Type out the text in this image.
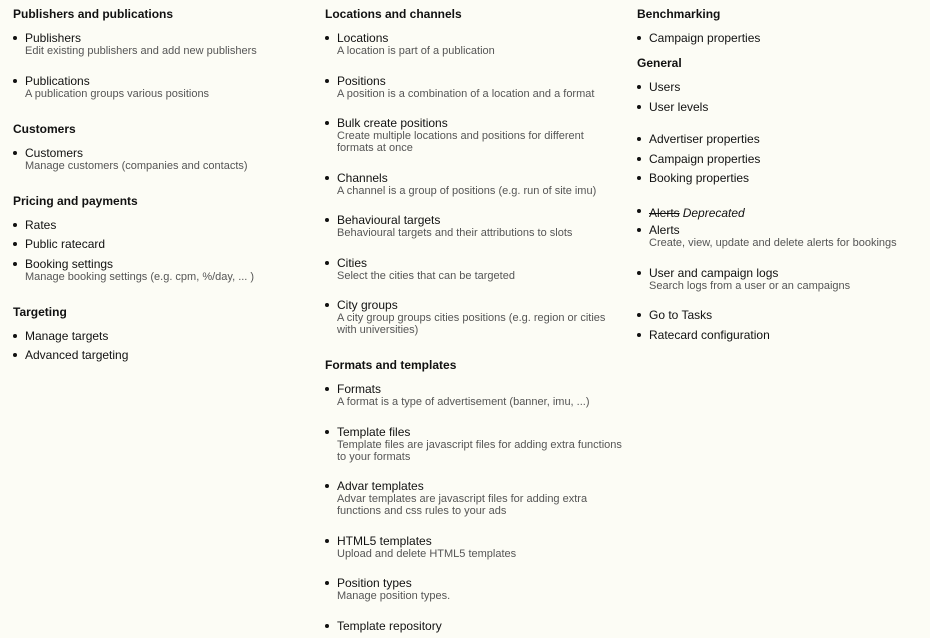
Publishers and publications
Publishers
Edit existing publishers and add new publishers
Publications
A publication groups various positions
Customers
Customers
Manage customers (companies and contacts)
Pricing and payments
Rates
Public ratecard
Booking settings
Manage booking settings (e.g. cpm, %/day, ... )
Targeting
Manage targets
Advanced targeting
Locations and channels
Locations
A location is part of a publication
Positions
A position is a combination of a location and a format
Bulk create positions
Create multiple locations and positions for different formats at once
Channels
A channel is a group of positions (e.g. run of site imu)
Behavioural targets
Behavioural targets and their attributions to slots
Cities
Select the cities that can be targeted
City groups
A city group groups cities positions (e.g. region or cities with universities)
Formats and templates
Formats
A format is a type of advertisement (banner, imu, ...)
Template files
Template files are javascript files for adding extra functions to your formats
Advar templates
Advar templates are javascript files for adding extra functions and css rules to your ads
HTML5 templates
Upload and delete HTML5 templates
Position types
Manage position types.
Template repository
Benchmarking
Campaign properties
General
Users
User levels
Advertiser properties
Campaign properties
Booking properties
Alerts Deprecated
Alerts
Create, view, update and delete alerts for bookings
User and campaign logs
Search logs from a user or an campaigns
Go to Tasks
Ratecard configuration
